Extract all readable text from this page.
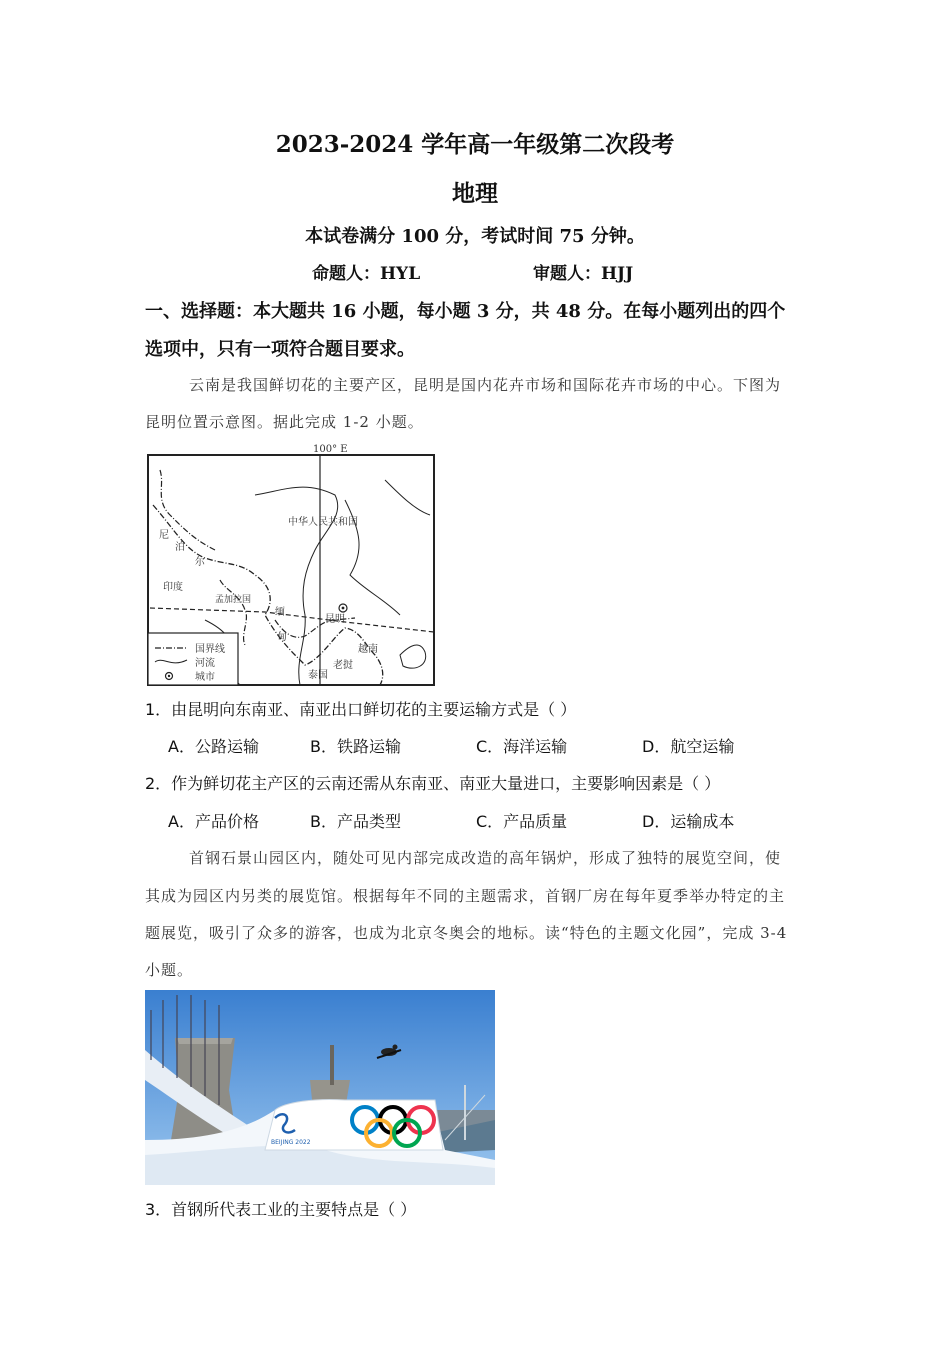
2023-2024 学年高一年级第二次段考
地理
本试卷满分 100 分，考试时间 75 分钟。
命题人：HYL	审题人：HJJ
一、选择题：本大题共 16 小题，每小题 3 分，共 48 分。在每小题列出的四个
选项中，只有一项符合题目要求。
云南是我国鲜切花的主要产区，昆明是国内花卉市场和国际花卉市场的中心。下图为
昆明位置示意图。据此完成 1-2 小题。
100° E
中华人民共和国
尼
泊
尔
印度
孟加拉国
缅
甸
昆明
越南
老挝
泰国
国界线
河流
城市
1．由昆明向东南亚、南亚出口鲜切花的主要运输方式是（ ）
A．公路运输	B．铁路运输	C．海洋运输	D．航空运输
2．作为鲜切花主产区的云南还需从东南亚、南亚大量进口，主要影响因素是（ ）
A．产品价格	B．产品类型	C．产品质量	D．运输成本
首钢石景山园区内，随处可见内部完成改造的高年锅炉，形成了独特的展览空间，使
其成为园区内另类的展览馆。根据每年不同的主题需求，首钢厂房在每年夏季举办特定的主
题展览，吸引了众多的游客，也成为北京冬奥会的地标。读“特色的主题文化园”，完成 3-4
小题。
BEIJING 2022
3．首钢所代表工业的主要特点是（ ）
